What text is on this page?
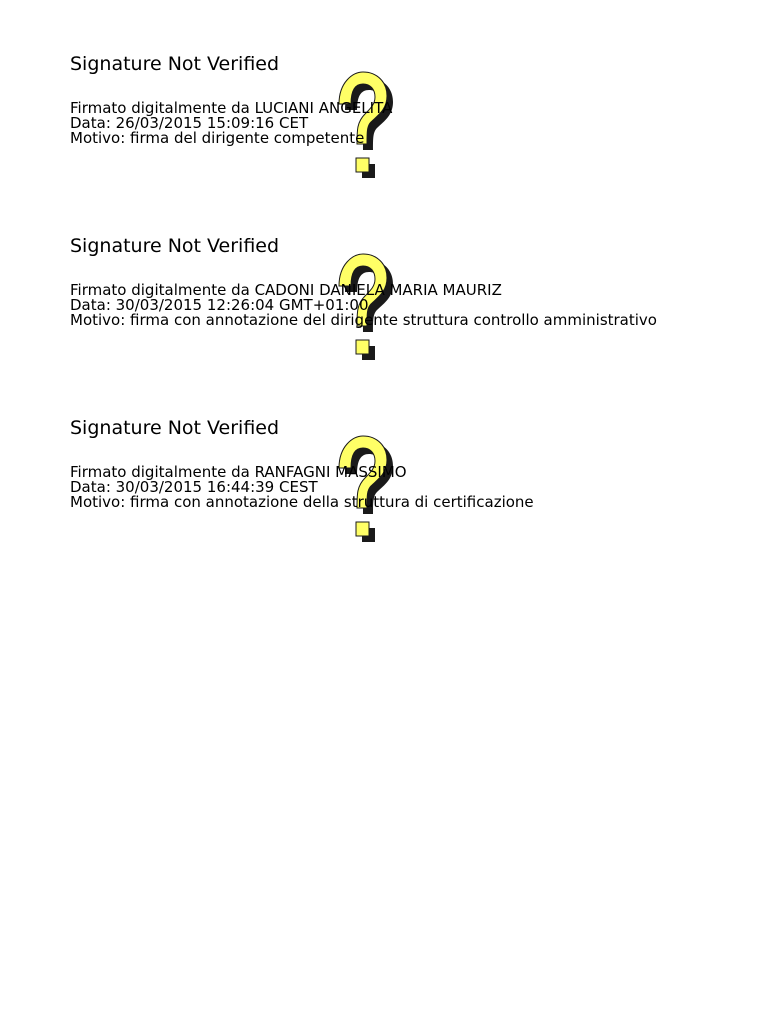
Signature Not Verified
Firmato digitalmente da LUCIANI ANGELITA
Data: 26/03/2015 15:09:16 CET
Motivo: firma del dirigente competente
Signature Not Verified
Firmato digitalmente da CADONI DANIELA MARIA MAURIZ
Data: 30/03/2015 12:26:04 GMT+01:00
Motivo: firma con annotazione del dirigente struttura controllo amministrativo
Signature Not Verified
Firmato digitalmente da RANFAGNI MASSIMO
Data: 30/03/2015 16:44:39 CEST
Motivo: firma con annotazione della struttura di certificazione
